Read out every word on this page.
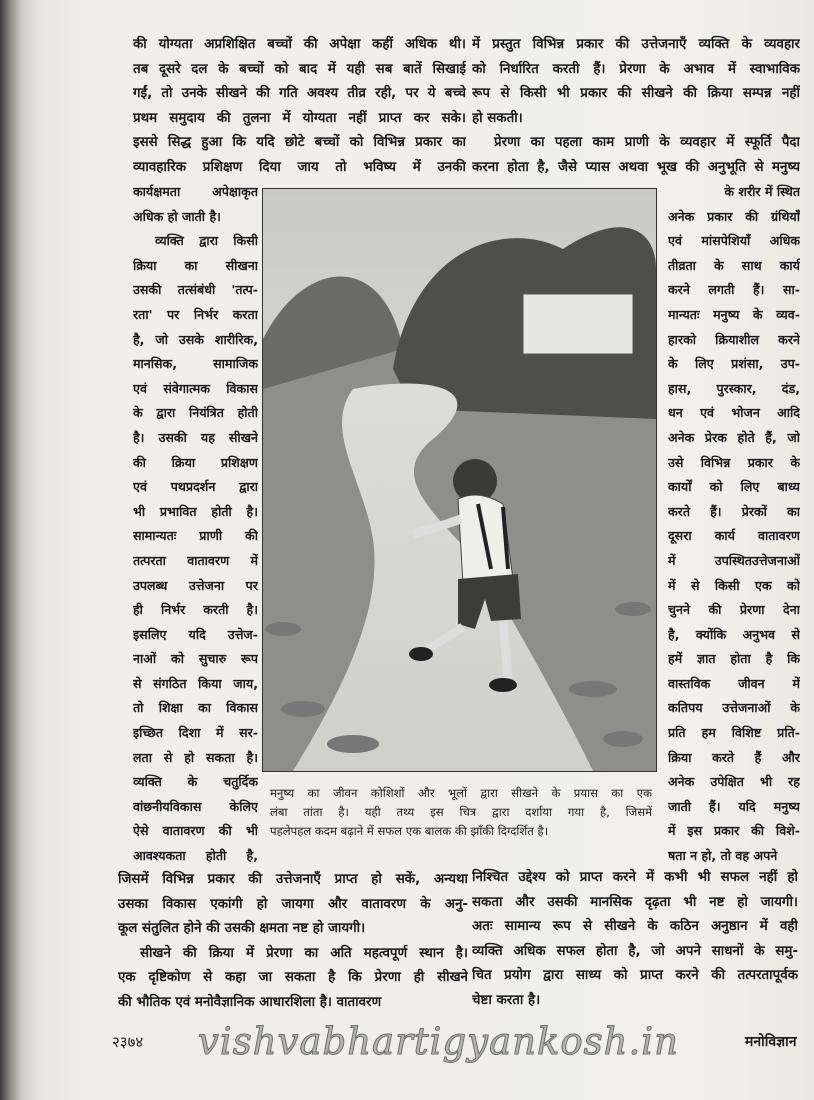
की योग्यता अप्रशिक्षित बच्चों की अपेक्षा कहीं अधिक थी।
तब दूसरे दल के बच्चों को बाद में यही सब बातें सिखाई
गईं, तो उनके सीखने की गति अवश्य तीव्र रही, पर ये बच्चे
प्रथम समुदाय की तुलना में योग्यता नहीं प्राप्त कर सके।
इससे सिद्ध हुआ कि यदि छोटे बच्चों को विभिन्न प्रकार का
व्यावहारिक प्रशिक्षण दिया जाय तो भविष्य में उनकी
में प्रस्तुत विभिन्न प्रकार की उत्तेजनाएँ व्यक्ति के व्यवहार
को निर्धारित करती हैं। प्रेरणा के अभाव में स्वाभाविक
रूप से किसी भी प्रकार की सीखने की क्रिया सम्पन्न नहीं
हो सकती।
प्रेरणा का पहला काम प्राणी के व्यवहार में स्फूर्ति पैदा
करना होता है, जैसे प्यास अथवा भूख की अनुभूति से मनुष्य
कार्यक्षमता अपेक्षाकृत
अधिक हो जाती है।
व्यक्ति द्वारा किसी
क्रिया का सीखना
उसकी तत्संबंधी 'तत्प-
रता' पर निर्भर करता
है, जो उसके शारीरिक,
मानसिक, सामाजिक
एवं संवेगात्मक विकास
के द्वारा नियंत्रित होती
है। उसकी यह सीखने
की क्रिया प्रशिक्षण
एवं पथप्रदर्शन द्वारा
भी प्रभावित होती है।
सामान्यतः प्राणी की
तत्परता वातावरण में
उपलब्ध उत्तेजना पर
ही निर्भर करती है।
इसलिए यदि उत्तेज-
नाओं को सुचारु रूप
से संगठित किया जाय,
तो शिक्षा का विकास
इच्छित दिशा में सर-
लता से हो सकता है।
व्यक्ति के चतुर्दिक
वांछनीयविकास केलिए
ऐसे वातावरण की भी
आवश्यकता होती है,
के शरीर में स्थित
अनेक प्रकार की ग्रंथियाँ
एवं मांसपेशियाँ अधिक
तीव्रता के साथ कार्य
करने लगती हैं। सा-
मान्यतः मनुष्य के व्यव-
हारको क्रियाशील करने
के लिए प्रशंसा, उप-
हास, पुरस्कार, दंड,
धन एवं भोजन आदि
अनेक प्रेरक होते हैं, जो
उसे विभिन्न प्रकार के
कार्यों को लिए बाध्य
करते हैं। प्रेरकों का
दूसरा कार्य वातावरण
में उपस्थितउत्तेजनाओं
में से किसी एक को
चुनने की प्रेरणा देना
है, क्योंकि अनुभव से
हमें ज्ञात होता है कि
वास्तविक जीवन में
कतिपय उत्तेजनाओं के
प्रति हम विशिष्ट प्रति-
क्रिया करते हैं और
अनेक उपेक्षित भी रह
जाती हैं। यदि मनुष्य
में इस प्रकार की विशे-
षता न हो, तो वह अपने
मनुष्य का जीवन कोशिशों और भूलों द्वारा सीखने के प्रयास का एक
लंबा तांता है। यही तथ्य इस चित्र द्वारा दर्शाया गया है, जिसमें
पहलेपहल कदम बढ़ाने में सफल एक बालक की झाँकी दिग्दर्शित है।
जिसमें विभिन्न प्रकार की उत्तेजनाएँ प्राप्त हो सकें, अन्यथा
उसका विकास एकांगी हो जायगा और वातावरण के अनु-
कूल संतुलित होने की उसकी क्षमता नष्ट हो जायगी।
सीखने की क्रिया में प्रेरणा का अति महत्वपूर्ण स्थान है।
एक दृष्टिकोण से कहा जा सकता है कि प्रेरणा ही सीखने
की भौतिक एवं मनोवैज्ञानिक आधारशिला है। वातावरण
निश्चित उद्देश्य को प्राप्त करने में कभी भी सफल नहीं हो
सकता और उसकी मानसिक दृढ़ता भी नष्ट हो जायगी।
अतः सामान्य रूप से सीखने के कठिन अनुष्ठान में वही
व्यक्ति अधिक सफल होता है, जो अपने साधनों के समु-
चित प्रयोग द्वारा साध्य को प्राप्त करने की तत्परतापूर्वक
चेष्टा करता है।
२३७४ vishvabhartigyankosh.in	मनोविज्ञान
